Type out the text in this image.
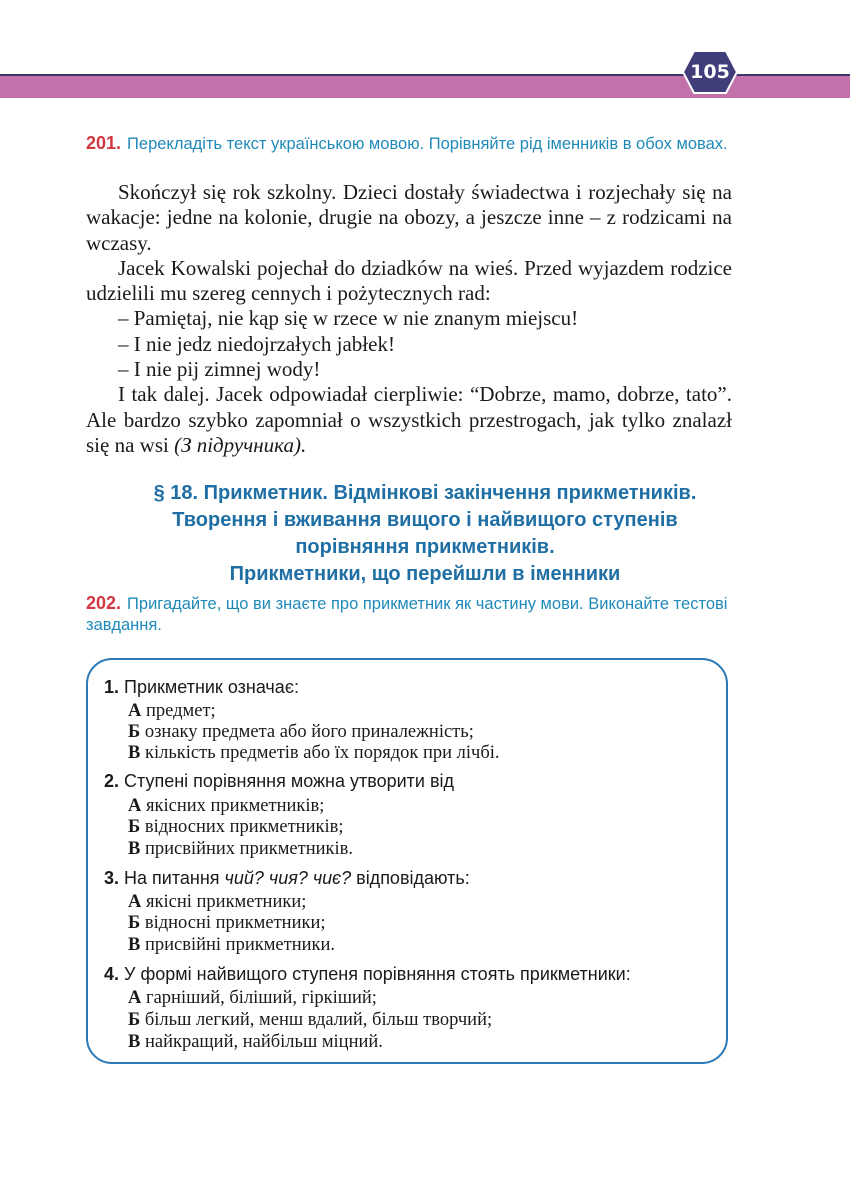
105
201. Перекладіть текст українською мовою. Порівняйте рід іменників в обох мовах.

Skończył się rok szkolny. Dzieci dostały świadectwa i rozjechały się na wakacje: jedne na kolonie, drugie na obozy, a jeszcze inne – z rodzicami na wczasy.

Jacek Kowalski pojechał do dziadków na wieś. Przed wyjazdem rodzice udzielili mu szereg cennych i pożytecznych rad:

– Pamiętaj, nie kąp się w rzece w nie znanym miejscu!

– I nie jedz niedojrzałych jabłek!

– I nie pij zimnej wody!

I tak dalej. Jacek odpowiadał cierpliwie: “Dobrze, mamo, dobrze, tato”. Ale bardzo szybko zapomniał o wszystkich przestrogach, jak tylko znalazł się na wsi (З підручника).

§ 18. Прикметник. Відмінкові закінчення прикметників.
Творення і вживання вищого і найвищого ступенів
порівняння прикметників.
Прикметники, що перейшли в іменники
202. Пригадайте, що ви знаєте про прикметник як частину мови. Виконайте тестові завдання.
1. Прикметник означає:
А предмет;
Б ознаку предмета або його приналежність;
В кількість предметів або їх порядок при лічбі.
2. Ступені порівняння можна утворити від
А якісних прикметників;
Б відносних прикметників;
В присвійних прикметників.
3. На питання чий? чия? чиє? відповідають:
А якісні прикметники;
Б відносні прикметники;
В присвійні прикметники.
4. У формі найвищого ступеня порівняння стоять прикметники:
А гарніший, біліший, гіркіший;
Б більш легкий, менш вдалий, більш творчий;
В найкращий, найбільш міцний.
